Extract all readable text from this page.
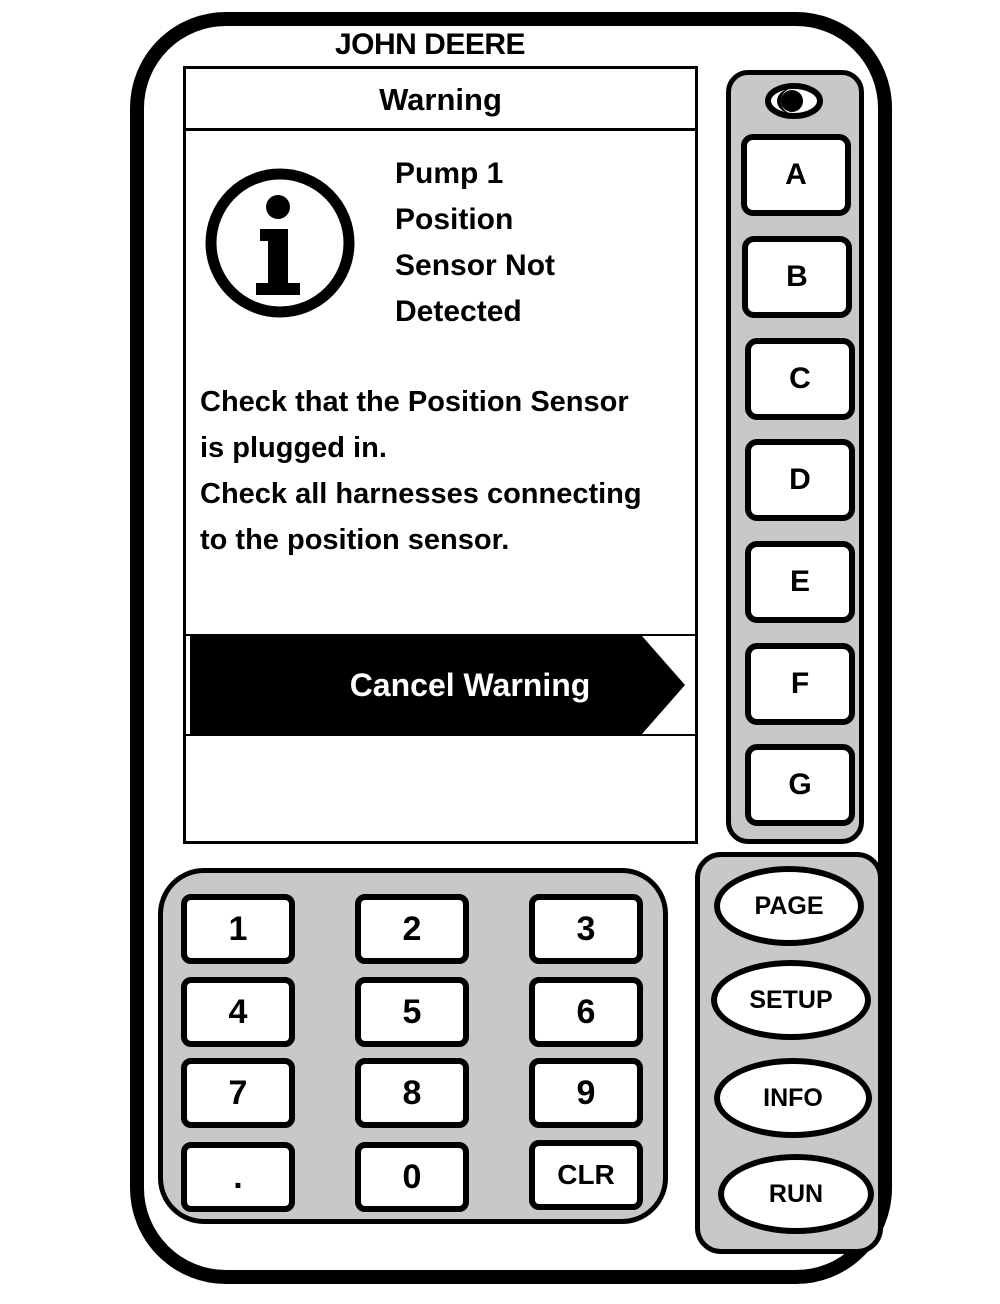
JOHN DEERE
Warning
Pump 1
Position
Sensor Not
Detected
Check that the Position Sensor
is plugged in.
Check all harnesses connecting
to the position sensor.
Cancel Warning
A
B
C
D
E
F
G
1	2	3
4	5	6
7	8	9
.	0	CLR
PAGE
SETUP
INFO
RUN
